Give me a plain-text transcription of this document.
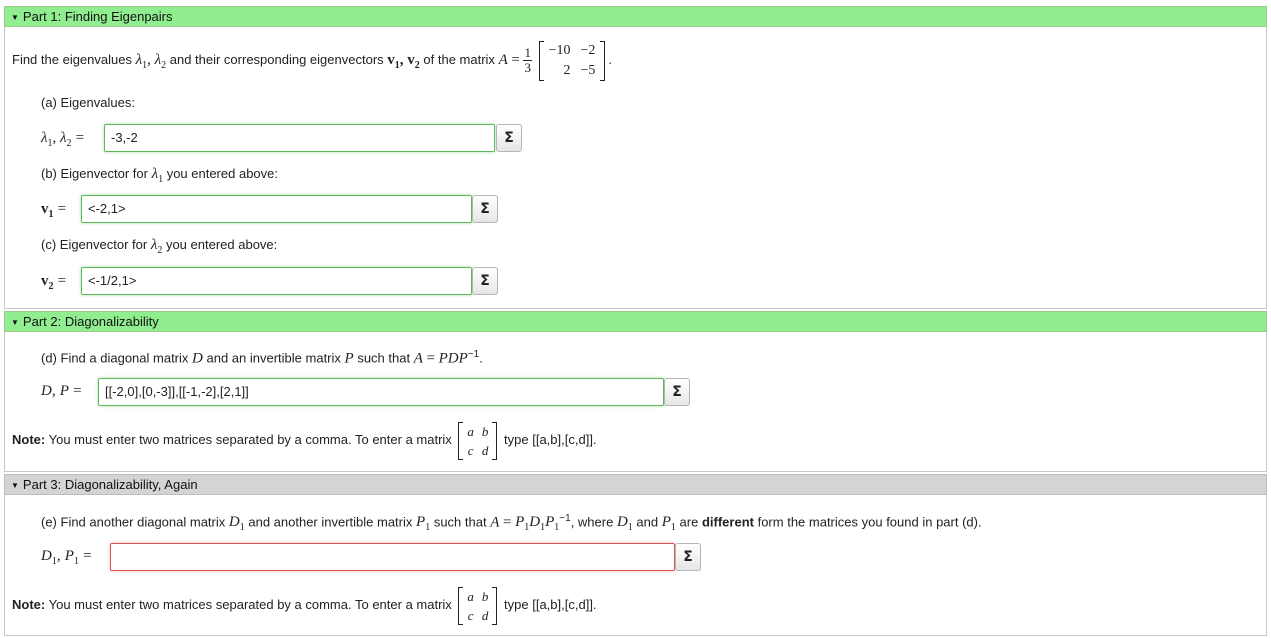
▼ Part 1: Finding Eigenpairs
Find the eigenvalues $\lambda_1$, $\lambda_2$ and their corresponding eigenvectors $v_1$, $v_2$ of the matrix $A = \frac{1}{3}$
−10	−2
2	−5
.
(a) Eigenvalues:
$\lambda_1$, $\lambda_2$ =	-3,-2	Σ
(b) Eigenvector for $\lambda_1$ you entered above:
$v_1$ =	<-2,1>	Σ
(c) Eigenvector for $\lambda_2$ you entered above:
$v_2$ =	<-1/2,1>	Σ
▼ Part 2: Diagonalizability
(d) Find a diagonal matrix D and an invertible matrix P such that $A = PDP^{-1}$.
D, P =	[[-2,0],[0,-3]],[[-1,-2],[2,1]]	Σ
Note: You must enter two matrices separated by a comma. To enter a matrix
a	b
c	d
type [[a,b],[c,d]].
▼ Part 3: Diagonalizability, Again
(e) Find another diagonal matrix $D_1$ and another invertible matrix $P_1$ such that $A = P_1D_1P_1^{-1}$, where $D_1$ and $P_1$ are different form the matrices you found in part (d).
$D_1$, $P_1$ =	Σ
Note: You must enter two matrices separated by a comma. To enter a matrix
a	b
c	d
type [[a,b],[c,d]].
